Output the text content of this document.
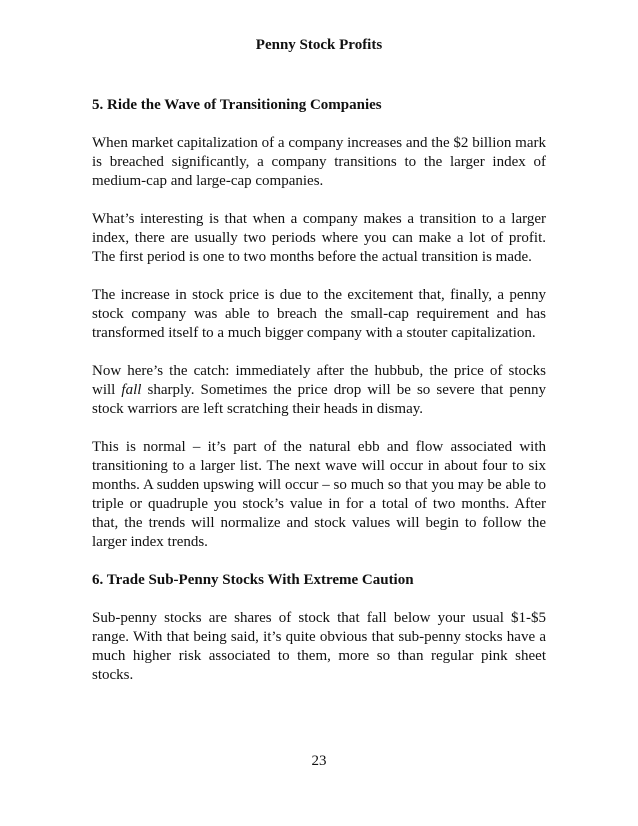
Penny Stock Profits
5. Ride the Wave of Transitioning Companies

When market capitalization of a company increases and the $2 billion mark is breached significantly, a company transitions to the larger index of medium-cap and large-cap companies.

What’s interesting is that when a company makes a transition to a larger index, there are usually two periods where you can make a lot of profit. The first period is one to two months before the actual transition is made.

The increase in stock price is due to the excitement that, finally, a penny stock company was able to breach the small-cap requirement and has transformed itself to a much bigger company with a stouter capitalization.

Now here’s the catch: immediately after the hubbub, the price of stocks will fall sharply. Sometimes the price drop will be so severe that penny stock warriors are left scratching their heads in dismay.

This is normal – it’s part of the natural ebb and flow associated with transitioning to a larger list. The next wave will occur in about four to six months. A sudden upswing will occur – so much so that you may be able to triple or quadruple you stock’s value in for a total of two months. After that, the trends will normalize and stock values will begin to follow the larger index trends.

6. Trade Sub-Penny Stocks With Extreme Caution

Sub-penny stocks are shares of stock that fall below your usual $1-$5 range. With that being said, it’s quite obvious that sub-penny stocks have a much higher risk associated to them, more so than regular pink sheet stocks.

23
